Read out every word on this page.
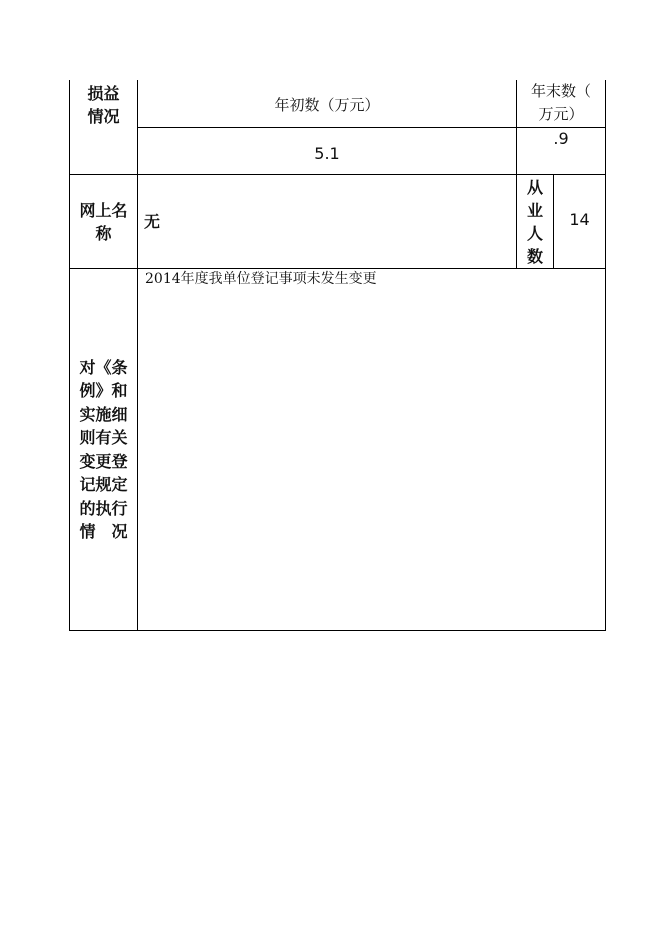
损益
情况
年初数（万元）
年末数（
万元）
5.1
.9
网上名
称
无
从
业
人
数
14
对《条
例》和
实施细
则有关
变更登
记规定
的执行
情　况
2014年度我单位登记事项未发生变更
